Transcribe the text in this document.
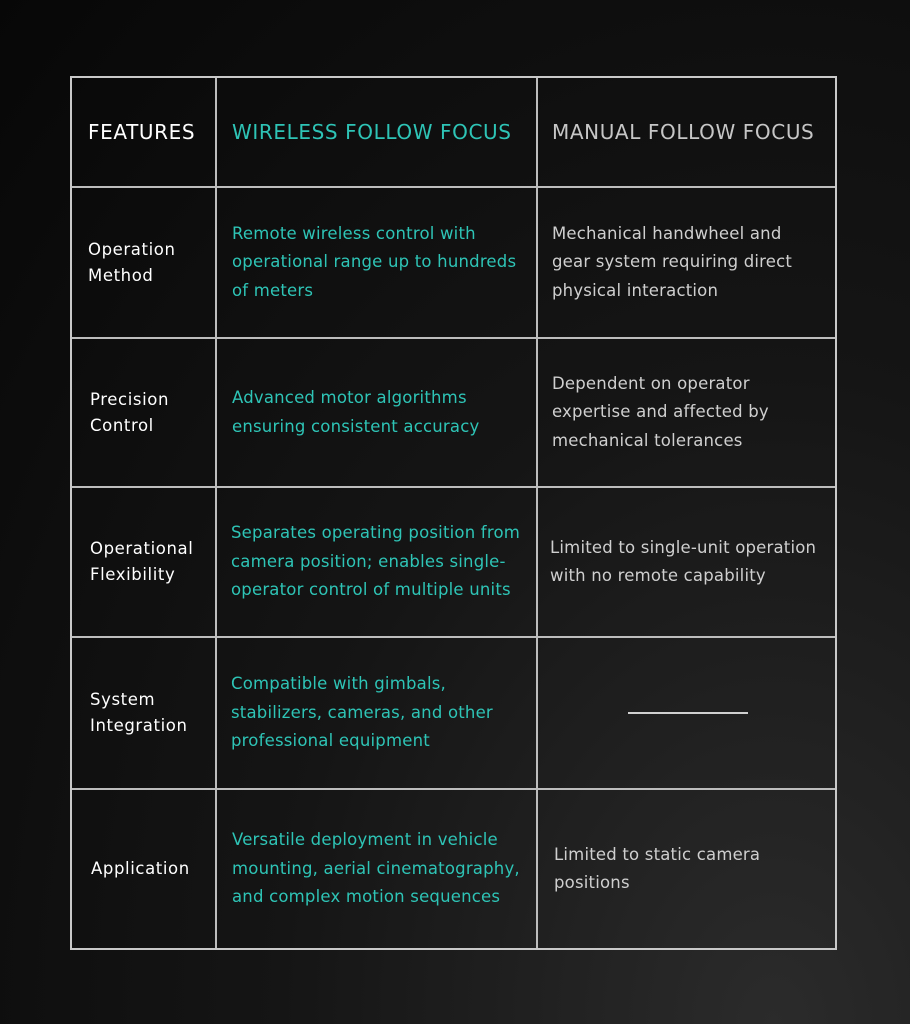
FEATURES	WIRELESS FOLLOW FOCUS	MANUAL FOLLOW FOCUS
Operation Method
Remote wireless control with operational range up to hundreds of meters
Mechanical handwheel and gear system requiring direct physical interaction
Precision Control
Advanced motor algorithms ensuring consistent accuracy
Dependent on operator expertise and affected by mechanical tolerances
Operational Flexibility
Separates operating position from camera position; enables single-operator control of multiple units
Limited to single-unit operation with no remote capability
System Integration
Compatible with gimbals, stabilizers, cameras, and other professional equipment
Application
Versatile deployment in vehicle mounting, aerial cinematography, and complex motion sequences
Limited to static camera positions
